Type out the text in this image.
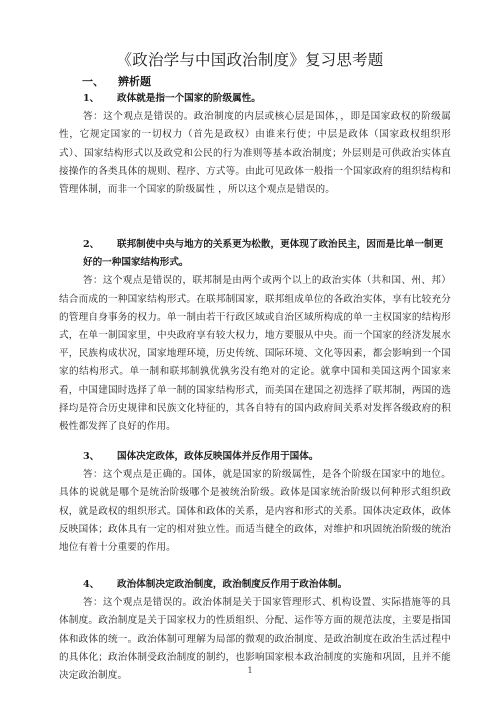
《政治学与中国政治制度》复习思考题
一、 辨析题
1、 政体就是指一个国家的阶级属性。
答：这个观点是错误的。政治制度的内层或核心层是国体，，即是国家政权的阶级属性，它规定国家的一切权力（首先是政权）由谁来行使；中层是政体（国家政权组织形式）、国家结构形式以及政党和公民的行为准则等基本政治制度；外层则是可供政治实体直接操作的各类具体的规则、程序、方式等。由此可见政体一般指一个国家政府的组织结构和管理体制，而非一个国家的阶级属性 ，所以这个观点是错误的。
2、 联邦制使中央与地方的关系更为松散，更体现了政治民主，因而是比单一制更好的一种国家结构形式。
答：这个观点是错误的，联邦制是由两个或两个以上的政治实体（共和国、州、邦）结合而成的一种国家结构形式。在联邦制国家，联邦组成单位的各政治实体，享有比较充分的管理自身事务的权力。单一制由若干行政区域或自治区域所构成的单一主权国家的结构形式，在单一制国家里，中央政府享有较大权力，地方要服从中央。而一个国家的经济发展水平，民族构成状况，国家地理环境，历史传统、国际环境、文化等因素，都会影响到一个国家的结构形式。单一制和联邦制孰优孰劣没有绝对的定论。就拿中国和美国这两个国家来看，中国建国时选择了单一制的国家结构形式，而美国在建国之初选择了联邦制，两国的选择均是符合历史规律和民族文化特征的，其各自特有的国内政府间关系对发挥各级政府的积极性都发挥了良好的作用。
3、 国体决定政体，政体反映国体并反作用于国体。
答：这个观点是正确的。国体，就是国家的阶级属性，是各个阶级在国家中的地位。具体的说就是哪个是统治阶级哪个是被统治阶级。政体是国家统治阶级以何种形式组织政权，就是政权的组织形式。国体和政体的关系，是内容和形式的关系。国体决定政体，政体反映国体；政体具有一定的相对独立性。而适当健全的政体，对维护和巩固统治阶级的统治地位有着十分重要的作用。
4、 政治体制决定政治制度，政治制度反作用于政治体制。
答：这个观点是错误的。政治体制是关于国家管理形式、机构设置、实际措施等的具体制度。政治制度是关于国家权力的性质组织、分配、运作等方面的规范法度，主要是指国体和政体的统一。政治体制可理解为局部的微观的政治制度、是政治制度在政治生活过程中的具体化；政治体制受政治制度的制约，也影响国家根本政治制度的实施和巩固，且并不能决定政治制度。	1
